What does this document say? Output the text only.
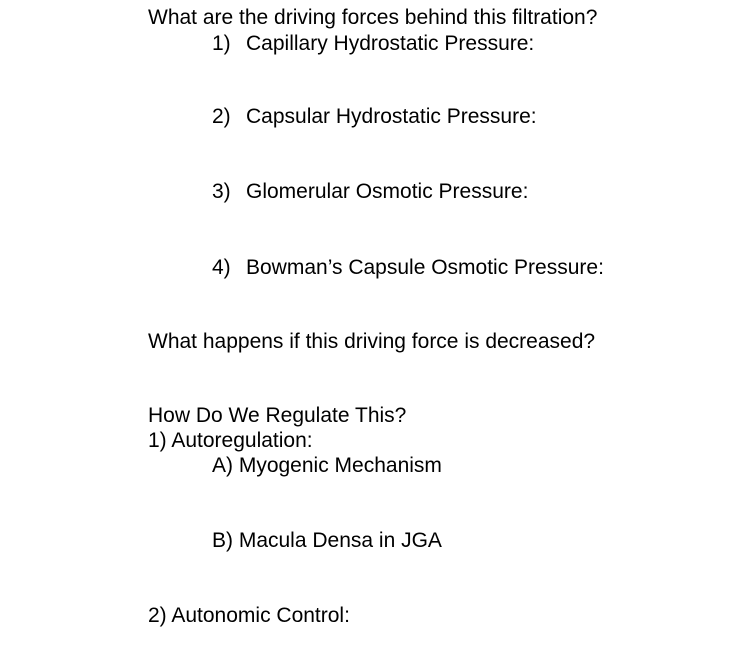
What are the driving forces behind this filtration?
1) Capillary Hydrostatic Pressure:
2) Capsular Hydrostatic Pressure:
3) Glomerular Osmotic Pressure:
4) Bowman’s Capsule Osmotic Pressure:
What happens if this driving force is decreased?
How Do We Regulate This?
1) Autoregulation:
A) Myogenic Mechanism
B) Macula Densa in JGA
2) Autonomic Control:
